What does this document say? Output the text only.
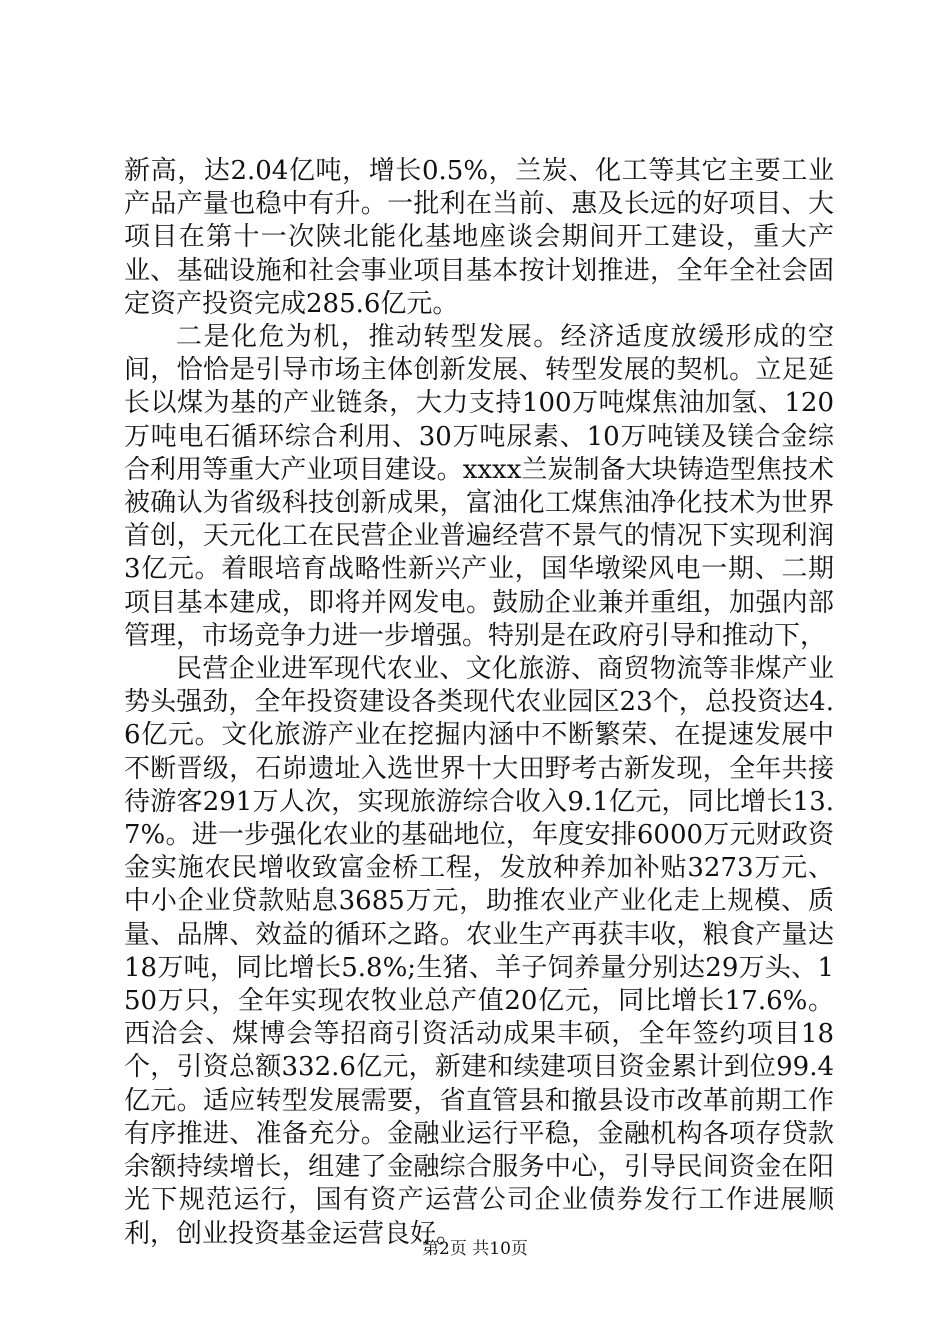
新高，达2.04亿吨，增长0.5%，兰炭、化工等其它主要工业产品产量也稳中有升。一批利在当前、惠及长远的好项目、大项目在第十一次陕北能化基地座谈会期间开工建设，重大产业、基础设施和社会事业项目基本按计划推进，全年全社会固定资产投资完成285.6亿元。

二是化危为机，推动转型发展。经济适度放缓形成的空间，恰恰是引导市场主体创新发展、转型发展的契机。立足延长以煤为基的产业链条，大力支持100万吨煤焦油加氢、120万吨电石循环综合利用、30万吨尿素、10万吨镁及镁合金综合利用等重大产业项目建设。xxxx兰炭制备大块铸造型焦技术被确认为省级科技创新成果，富油化工煤焦油净化技术为世界首创，天元化工在民营企业普遍经营不景气的情况下实现利润3亿元。着眼培育战略性新兴产业，国华墩梁风电一期、二期项目基本建成，即将并网发电。鼓励企业兼并重组，加强内部管理，市场竞争力进一步增强。特别是在政府引导和推动下，

民营企业进军现代农业、文化旅游、商贸物流等非煤产业势头强劲，全年投资建设各类现代农业园区23个，总投资达4.6亿元。文化旅游产业在挖掘内涵中不断繁荣、在提速发展中不断晋级，石峁遗址入选世界十大田野考古新发现，全年共接待游客291万人次，实现旅游综合收入9.1亿元，同比增长13.7%。进一步强化农业的基础地位，年度安排6000万元财政资金实施农民增收致富金桥工程，发放种养加补贴3273万元、中小企业贷款贴息3685万元，助推农业产业化走上规模、质量、品牌、效益的循环之路。农业生产再获丰收，粮食产量达18万吨，同比增长5.8%;生猪、羊子饲养量分别达29万头、150万只，全年实现农牧业总产值20亿元，同比增长17.6%。西洽会、煤博会等招商引资活动成果丰硕，全年签约项目18个，引资总额332.6亿元，新建和续建项目资金累计到位99.4亿元。适应转型发展需要，省直管县和撤县设市改革前期工作有序推进、准备充分。金融业运行平稳，金融机构各项存贷款余额持续增长，组建了金融综合服务中心，引导民间资金在阳光下规范运行，国有资产运营公司企业债券发行工作进展顺利，创业投资基金运营良好。

第2页 共10页
